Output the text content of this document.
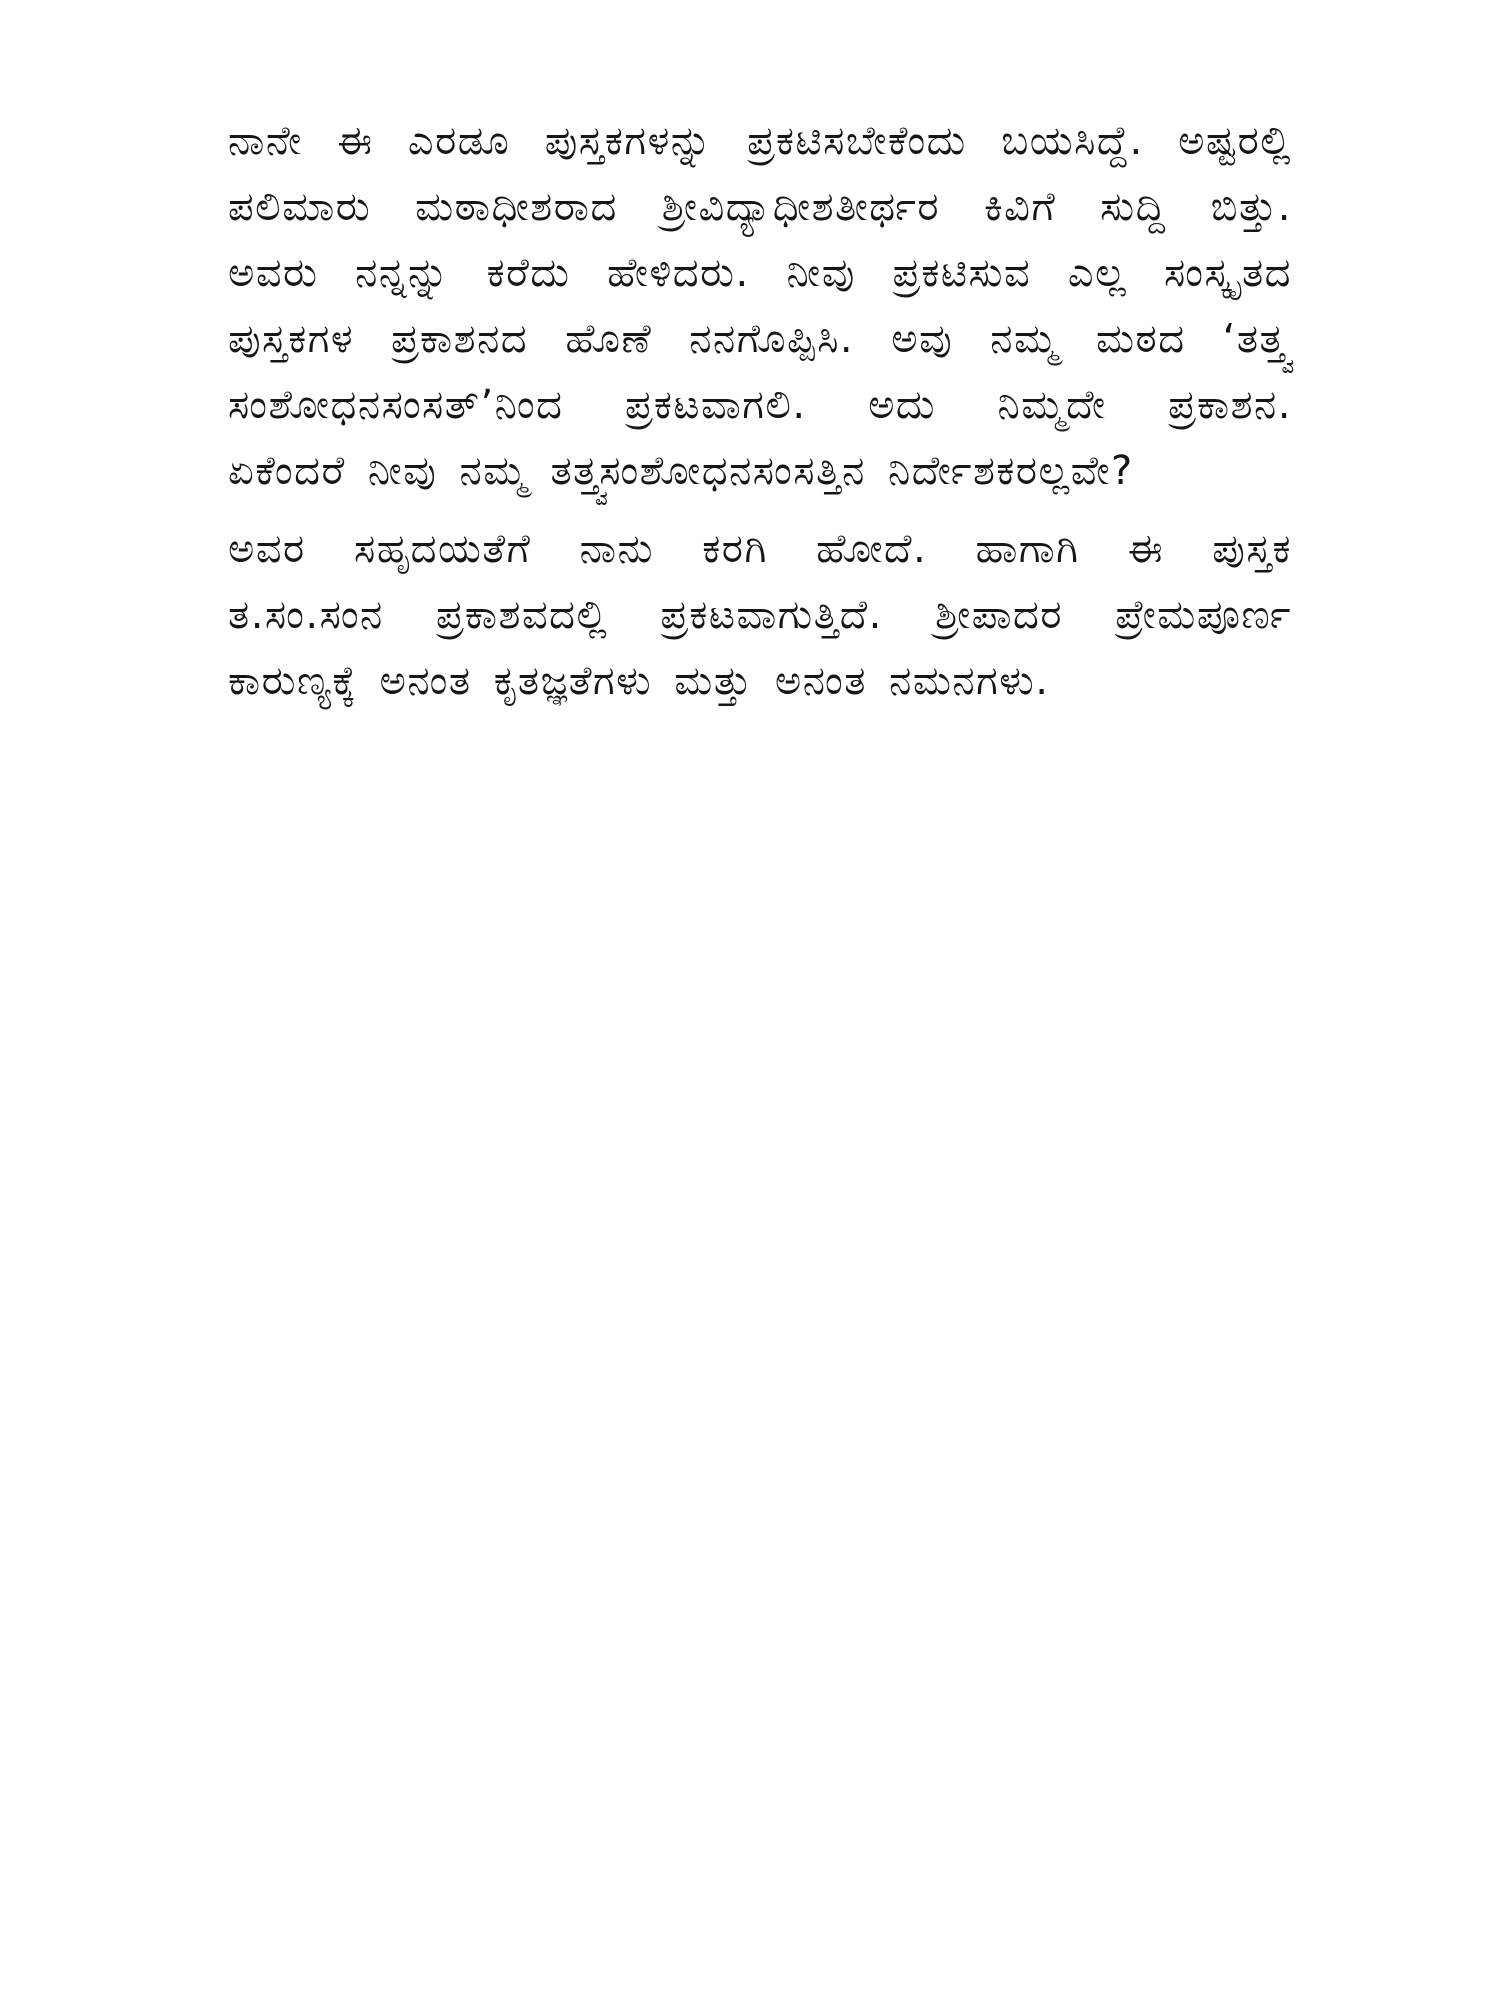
ನಾನೇ ಈ ಎರಡೂ ಪುಸ್ತಕಗಳನ್ನು ಪ್ರಕಟಿಸಬೇಕೆಂದು ಬಯಸಿದ್ದೆ. ಅಷ್ಟರಲ್ಲಿ
ಪಲಿಮಾರು ಮಠಾಧೀಶರಾದ ಶ್ರೀವಿದ್ಯಾಧೀಶತೀರ್ಥರ ಕಿವಿಗೆ ಸುದ್ದಿ ಬಿತ್ತು.
ಅವರು ನನ್ನನ್ನು ಕರೆದು ಹೇಳಿದರು. ನೀವು ಪ್ರಕಟಿಸುವ ಎಲ್ಲ ಸಂಸ್ಕೃತದ
ಪುಸ್ತಕಗಳ ಪ್ರಕಾಶನದ ಹೊಣೆ ನನಗೊಪ್ಪಿಸಿ. ಅವು ನಮ್ಮ ಮಠದ ‘ತತ್ತ್ವ
ಸಂಶೋಧನಸಂಸತ್’ನಿಂದ ಪ್ರಕಟವಾಗಲಿ. ಅದು ನಿಮ್ಮದೇ ಪ್ರಕಾಶನ.
ಏಕೆಂದರೆ ನೀವು ನಮ್ಮ ತತ್ತ್ವಸಂಶೋಧನಸಂಸತ್ತಿನ ನಿರ್ದೇಶಕರಲ್ಲವೇ?

ಅವರ ಸಹೃದಯತೆಗೆ ನಾನು ಕರಗಿ ಹೋದೆ. ಹಾಗಾಗಿ ಈ ಪುಸ್ತಕ
ತ.ಸಂ.ಸಂನ ಪ್ರಕಾಶವದಲ್ಲಿ ಪ್ರಕಟವಾಗುತ್ತಿದೆ. ಶ್ರೀಪಾದರ ಪ್ರೇಮಪೂರ್ಣ
ಕಾರುಣ್ಯಕ್ಕೆ ಅನಂತ ಕೃತಜ್ಞತೆಗಳು ಮತ್ತು ಅನಂತ ನಮನಗಳು.
